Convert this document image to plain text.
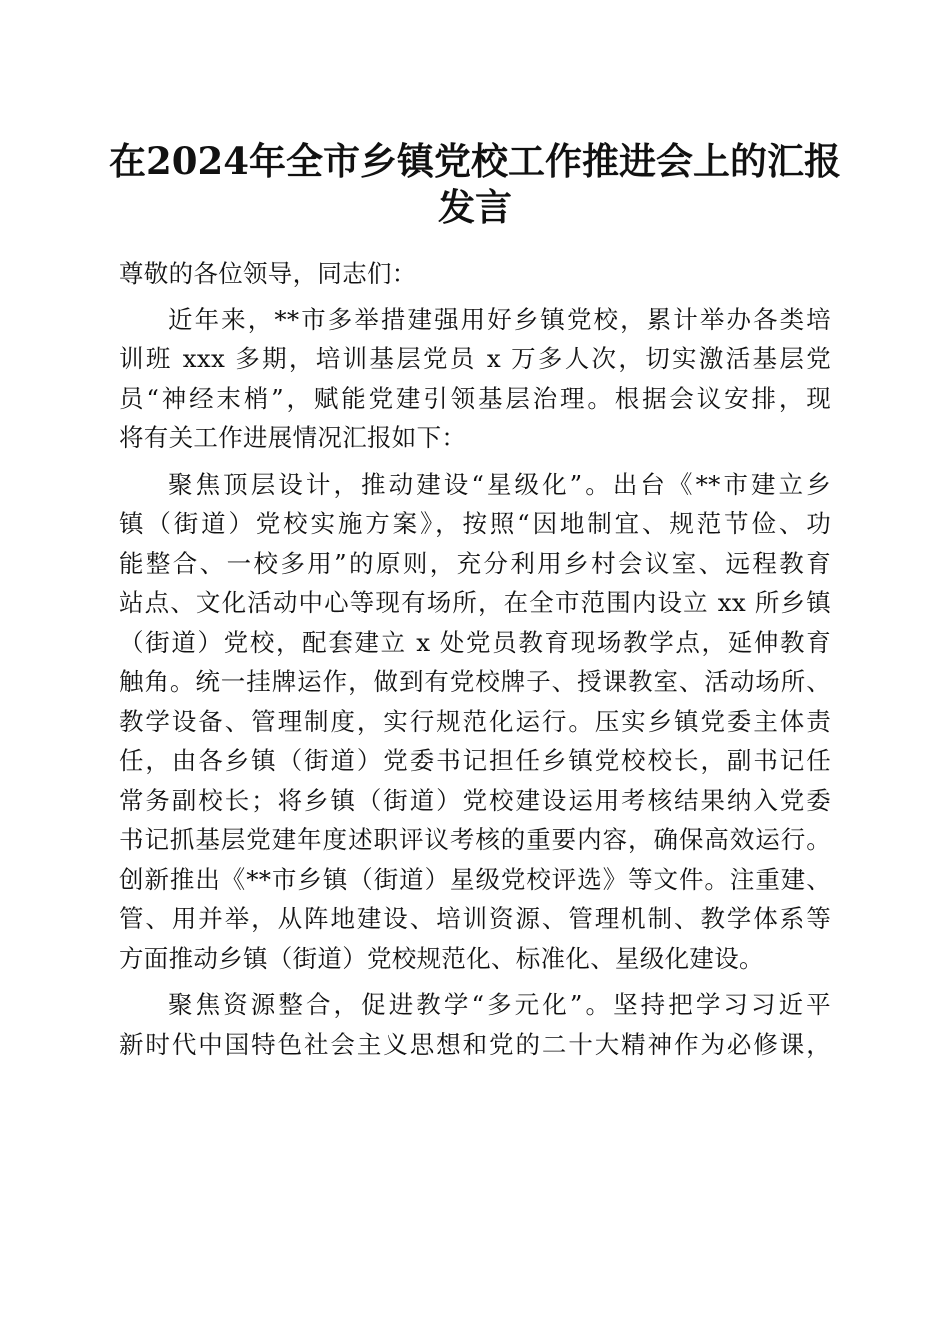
在2024年全市乡镇党校工作推进会上的汇报
发言

尊敬的各位领导，同志们：

近年来，**市多举措建强用好乡镇党校，累计举办各类培
训班 xxx 多期，培训基层党员 x 万多人次，切实激活基层党
员“神经末梢”，赋能党建引领基层治理。根据会议安排，现
将有关工作进展情况汇报如下：

聚焦顶层设计，推动建设“星级化”。出台《**市建立乡
镇（街道）党校实施方案》，按照“因地制宜、规范节俭、功
能整合、一校多用”的原则，充分利用乡村会议室、远程教育
站点、文化活动中心等现有场所，在全市范围内设立 xx 所乡镇
（街道）党校，配套建立 x 处党员教育现场教学点，延伸教育
触角。统一挂牌运作，做到有党校牌子、授课教室、活动场所、
教学设备、管理制度，实行规范化运行。压实乡镇党委主体责
任，由各乡镇（街道）党委书记担任乡镇党校校长，副书记任
常务副校长；将乡镇（街道）党校建设运用考核结果纳入党委
书记抓基层党建年度述职评议考核的重要内容，确保高效运行。
创新推出《**市乡镇（街道）星级党校评选》等文件。注重建、
管、用并举，从阵地建设、培训资源、管理机制、教学体系等
方面推动乡镇（街道）党校规范化、标准化、星级化建设。

聚焦资源整合，促进教学“多元化”。坚持把学习习近平
新时代中国特色社会主义思想和党的二十大精神作为必修课，
